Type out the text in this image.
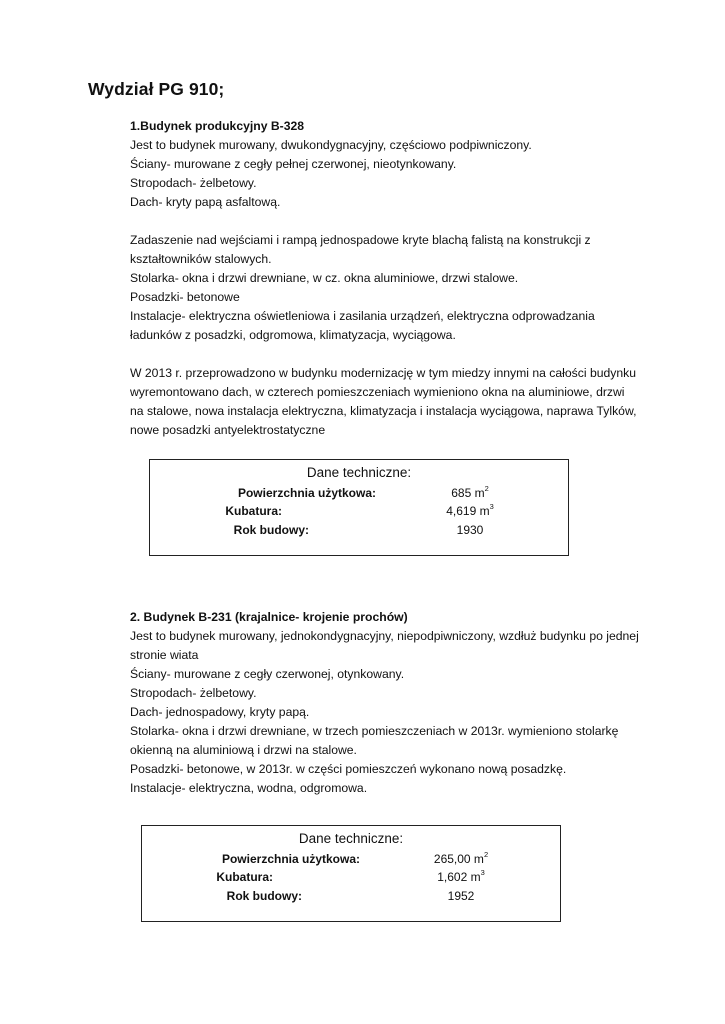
Wydział PG 910;

1.Budynek produkcyjny B-328

Jest to budynek murowany, dwukondygnacyjny, częściowo podpiwniczony.

Ściany- murowane z cegły pełnej czerwonej, nieotynkowany.

Stropodach- żelbetowy.

Dach- kryty papą asfaltową.

Zadaszenie nad wejściami i rampą jednospadowe kryte blachą falistą na konstrukcji z kształtowników stalowych.

Stolarka- okna i drzwi drewniane, w cz. okna aluminiowe, drzwi stalowe.

Posadzki- betonowe

Instalacje- elektryczna oświetleniowa i zasilania urządzeń, elektryczna odprowadzania ładunków z posadzki, odgromowa, klimatyzacja, wyciągowa.

W 2013 r. przeprowadzono w budynku modernizację w tym miedzy innymi na całości budynku wyremontowano dach, w czterech pomieszczeniach wymieniono okna na aluminiowe, drzwi na stalowe, nowa instalacja elektryczna, klimatyzacja i instalacja wyciągowa, naprawa Tylków, nowe posadzki antyelektrostatyczne

Dane techniczne:
Powierzchnia użytkowa:	685 $m^2$
Kubatura:	4,619 $m^3$
Rok budowy:	1930

2. Budynek B-231 (krajalnice- krojenie prochów)

Jest to budynek murowany, jednokondygnacyjny, niepodpiwniczony, wzdłuż budynku po jednej stronie wiata

Ściany- murowane z cegły czerwonej, otynkowany.

Stropodach- żelbetowy.

Dach- jednospadowy, kryty papą.

Stolarka- okna i drzwi drewniane, w trzech pomieszczeniach w 2013r. wymieniono stolarkę okienną na aluminiową i drzwi na stalowe.

Posadzki- betonowe, w 2013r. w części pomieszczeń wykonano nową posadzkę.

Instalacje- elektryczna, wodna, odgromowa.

Dane techniczne:
Powierzchnia użytkowa:	265,00 $m^2$
Kubatura:	1,602 $m^3$
Rok budowy:	1952
